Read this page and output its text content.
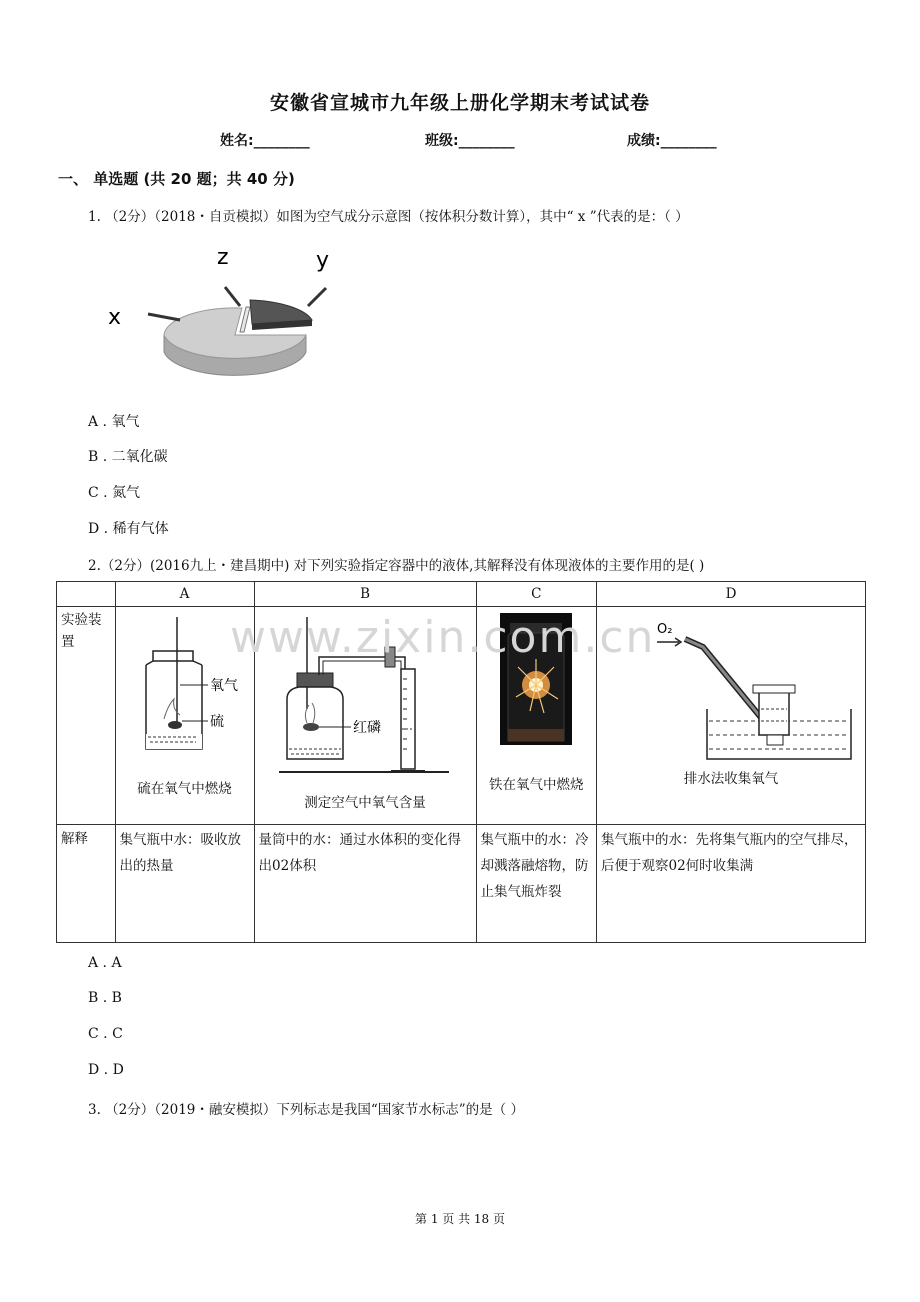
安徽省宣城市九年级上册化学期末考试试卷
姓名:________	班级:________	成绩:________
一、 单选题 (共 20 题；共 40 分)
1. （2分）（2018・自贡模拟）如图为空气成分示意图（按体积分数计算），其中“ x ”代表的是：（ ）
z	y
x
A . 氧气
B . 二氧化碳
C . 氮气
D . 稀有气体
2.（2分）(2016九上・建昌期中) 对下列实验指定容器中的液体,其解释没有体现液体的主要作用的是( )
	A	B	C	D
实验装置	氧气
硫
硫在氧气中燃烧	红磷
测定空气中氧气含量	铁在氧气中燃烧	O₂
排水法收集氧气

解释	集气瓶中水：吸收放出的热量	量筒中的水：通过水体积的变化得出02体积	集气瓶中的水：冷却溅落融熔物，防止集气瓶炸裂	集气瓶中的水：先将集气瓶内的空气排尽，后便于观察02何时收集满
www.zixin.com.cn
A . A
B . B
C . C
D . D
3. （2分）（2019・融安模拟）下列标志是我国“国家节水标志”的是（ ）
第 1 页 共 18 页
